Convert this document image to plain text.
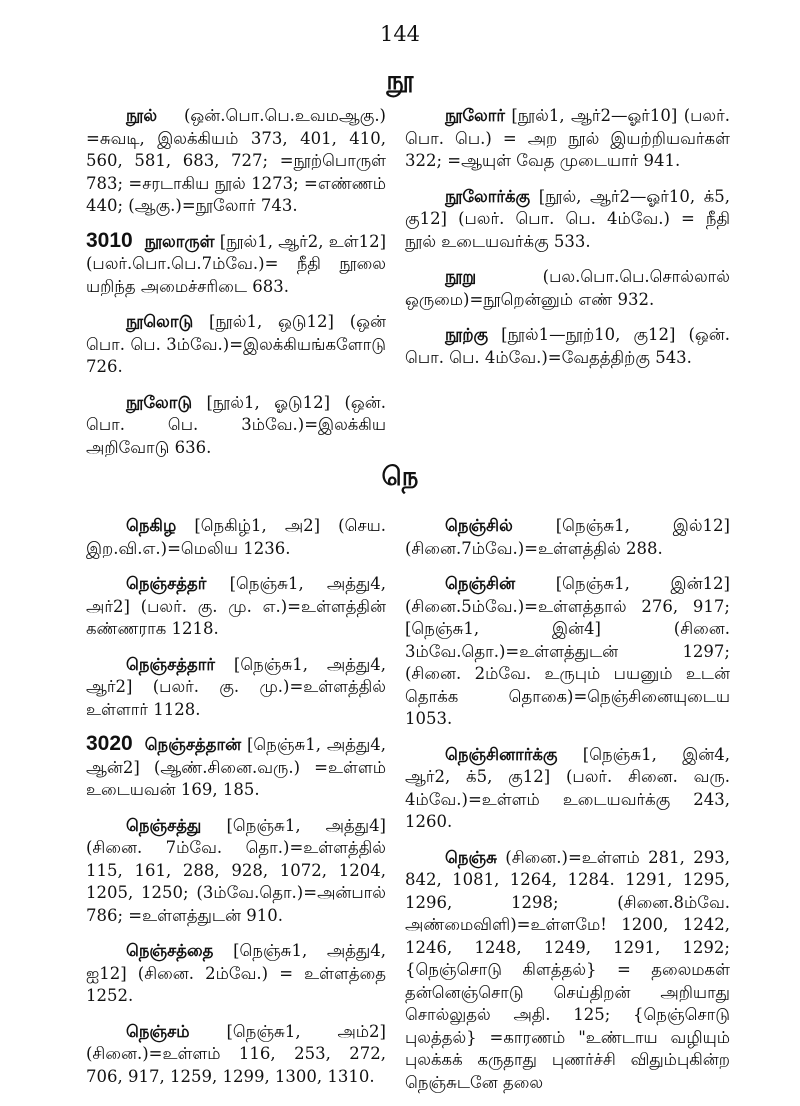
144
நூ
நூல் (ஒன்.பொ.பெ.உவமஆகு.) =சுவடி, இலக்கியம் 373, 401, 410, 560, 581, 683, 727; =நூற்பொருள் 783; =சரடாகிய நூல் 1273; =எண்ணம் 440; (ஆகு.)=நூலோர் 743.
3010 நூலாருள் [நூல்1, ஆர்2, உள்12] (பலர்.பொ.பெ.7ம்வே.)= நீதி நூலை யறிந்த அமைச்சரிடை 683.
நூலொடு [நூல்1, ஒடு12] (ஒன் பொ. பெ. 3ம்வே.)=இலக்கியங்களோடு 726.
நூலோடு [நூல்1, ஓடு12] (ஒன். பொ. பெ. 3ம்வே.)=இலக்கிய அறிவோடு 636.
நூலோர் [நூல்1, ஆர்2—ஓர்10] (பலர். பொ. பெ.) = அற நூல் இயற்றியவர்கள் 322; =ஆயுள் வேத முடையார் 941.
நூலோர்க்கு [நூல், ஆர்2—ஓர்10, க்5, கு12] (பலர். பொ. பெ. 4ம்வே.) = நீதி நூல் உடையவர்க்கு 533.
நூறு	(பல.பொ.பெ.சொல்லால் ஒருமை)=நூறென்னும் எண் 932.
நூற்கு [நூல்1—நூற்10, கு12] (ஒன். பொ. பெ. 4ம்வே.)=வேதத்திற்கு 543.
நெ
நெகிழ [நெகிழ்1, அ2] (செய. இற.வி.எ.)=மெலிய 1236.
நெஞ்சத்தர் [நெஞ்சு1, அத்து4, அர்2] (பலர். கு. மு. எ.)=உள்ளத்தின் கண்ணராக 1218.
நெஞ்சத்தார் [நெஞ்சு1, அத்து4, ஆர்2] (பலர். கு. மு.)=உள்ளத்தில் உள்ளார் 1128.
3020 நெஞ்சத்தான் [நெஞ்சு1, அத்து4, ஆன்2] (ஆண்.சினை.வரு.) =உள்ளம் உடையவன் 169, 185.
நெஞ்சத்து [நெஞ்சு1, அத்து4] (சினை. 7ம்வே. தொ.)=உள்ளத்தில் 115, 161, 288, 928, 1072, 1204, 1205, 1250; (3ம்வே.தொ.)=அன்பால் 786; =உள்ளத்துடன் 910.
நெஞ்சத்தை [நெஞ்சு1, அத்து4, ஐ12] (சினை. 2ம்வே.) = உள்ளத்தை 1252.
நெஞ்சம் [நெஞ்சு1, அம்2] (சினை.)=உள்ளம் 116, 253, 272, 706, 917, 1259, 1299, 1300, 1310.
நெஞ்சில்	[நெஞ்சு1, இல்12] (சினை.7ம்வே.)=உள்ளத்தில் 288.
நெஞ்சின் [நெஞ்சு1, இன்12] (சினை.5ம்வே.)=உள்ளத்தால் 276, 917; [நெஞ்சு1, இன்4] (சினை. 3ம்வே.தொ.)=உள்ளத்துடன் 1297; (சினை. 2ம்வே. உருபும் பயனும் உடன் தொக்க தொகை)=நெஞ்சினையுடைய 1053.
நெஞ்சினார்க்கு [நெஞ்சு1, இன்4, ஆர்2, க்5, கு12] (பலர். சினை. வரு. 4ம்வே.)=உள்ளம் உடையவர்க்கு 243, 1260.
நெஞ்சு (சினை.)=உள்ளம் 281, 293, 842, 1081, 1264, 1284. 1291, 1295, 1296, 1298; (சினை.8ம்வே. அண்மைவிளி)=உள்ளமே! 1200, 1242, 1246, 1248, 1249, 1291, 1292; {நெஞ்சொடு கிளத்தல்} = தலைமகள் தன்னெஞ்சொடு செய்திறன் அறியாது சொல்லுதல் அதி. 125; {நெஞ்சொடு புலத்தல்} =காரணம் "உண்டாய வழியும் புலக்கக் கருதாது புணர்ச்சி விதும்புகின்ற நெஞ்சுடனே தலை
